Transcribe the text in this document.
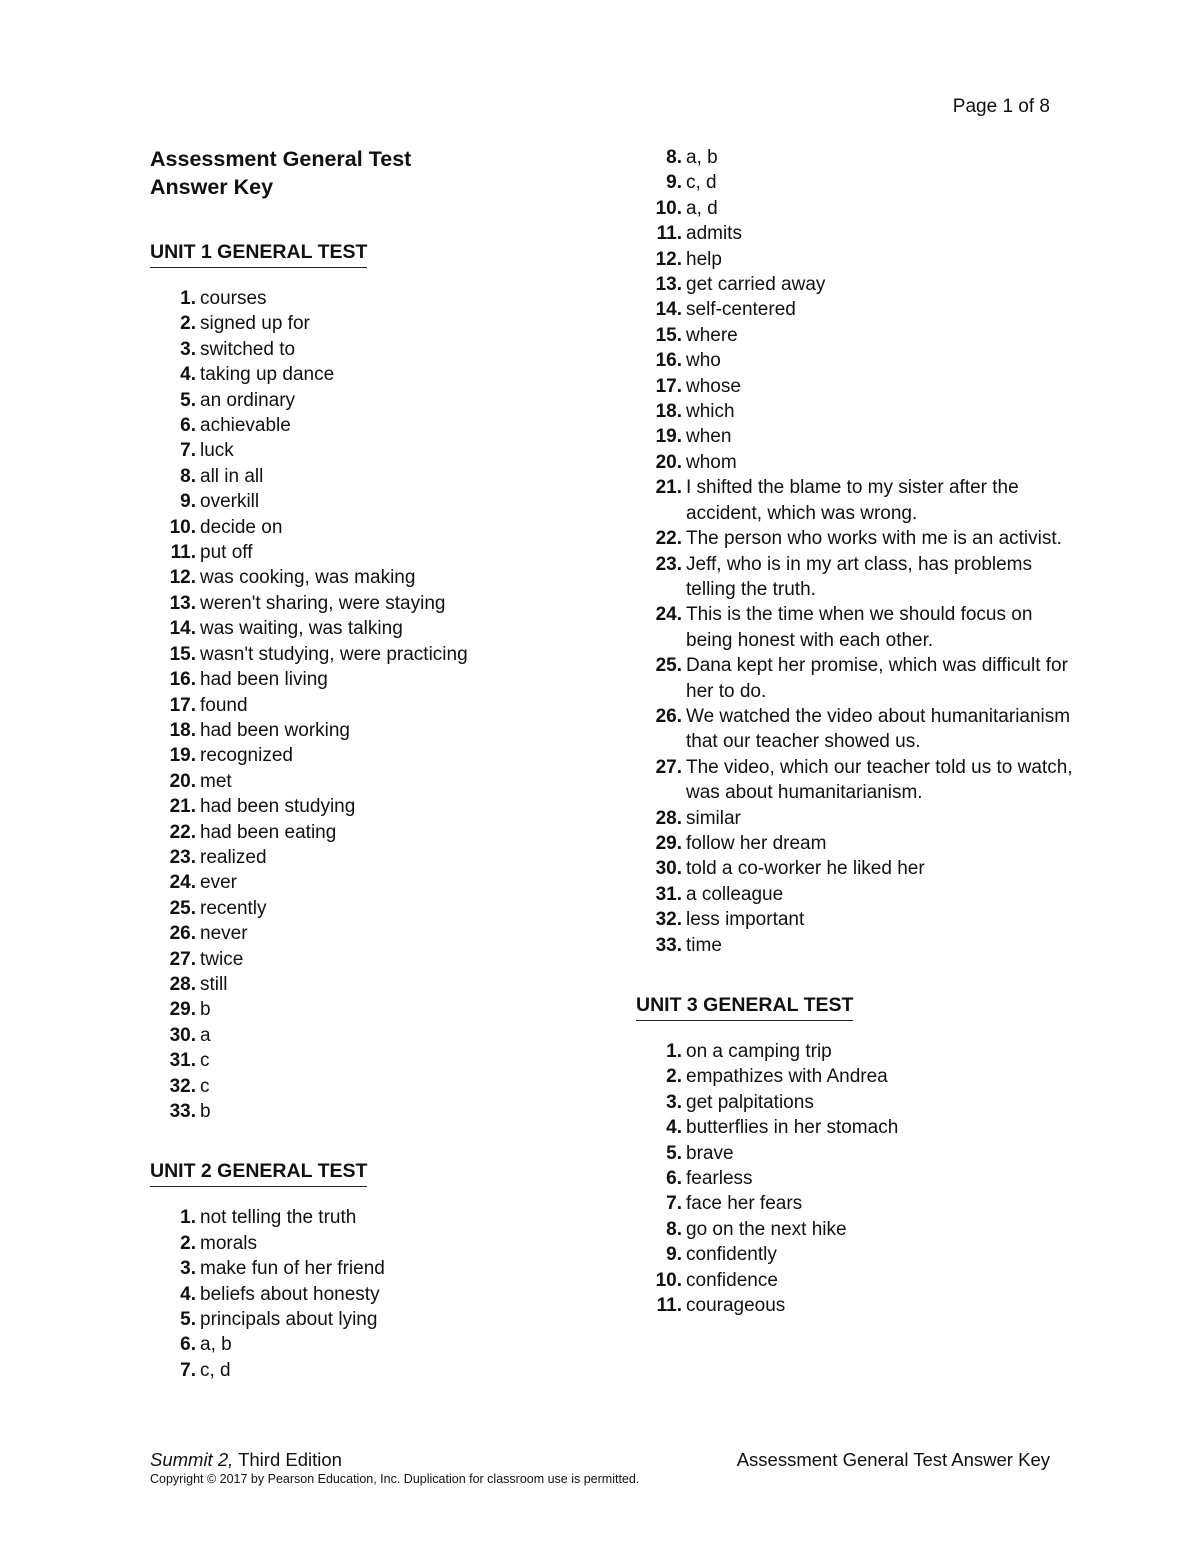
Page 1 of 8
Assessment General Test
Answer Key
UNIT 1 GENERAL TEST
1. courses
2. signed up for
3. switched to
4. taking up dance
5. an ordinary
6. achievable
7. luck
8. all in all
9. overkill
10. decide on
11. put off
12. was cooking, was making
13. weren't sharing, were staying
14. was waiting, was talking
15. wasn't studying, were practicing
16. had been living
17. found
18. had been working
19. recognized
20. met
21. had been studying
22. had been eating
23. realized
24. ever
25. recently
26. never
27. twice
28. still
29. b
30. a
31. c
32. c
33. b
UNIT 2 GENERAL TEST
1. not telling the truth
2. morals
3. make fun of her friend
4. beliefs about honesty
5. principals about lying
6. a, b
7. c, d
8. a, b
9. c, d
10. a, d
11. admits
12. help
13. get carried away
14. self-centered
15. where
16. who
17. whose
18. which
19. when
20. whom
21. I shifted the blame to my sister after the accident, which was wrong.
22. The person who works with me is an activist.
23. Jeff, who is in my art class, has problems telling the truth.
24. This is the time when we should focus on being honest with each other.
25. Dana kept her promise, which was difficult for her to do.
26. We watched the video about humanitarianism that our teacher showed us.
27. The video, which our teacher told us to watch, was about humanitarianism.
28. similar
29. follow her dream
30. told a co-worker he liked her
31. a colleague
32. less important
33. time
UNIT 3 GENERAL TEST
1. on a camping trip
2. empathizes with Andrea
3. get palpitations
4. butterflies in her stomach
5. brave
6. fearless
7. face her fears
8. go on the next hike
9. confidently
10. confidence
11. courageous
Summit 2, Third Edition	Assessment General Test Answer Key
Copyright © 2017 by Pearson Education, Inc. Duplication for classroom use is permitted.
